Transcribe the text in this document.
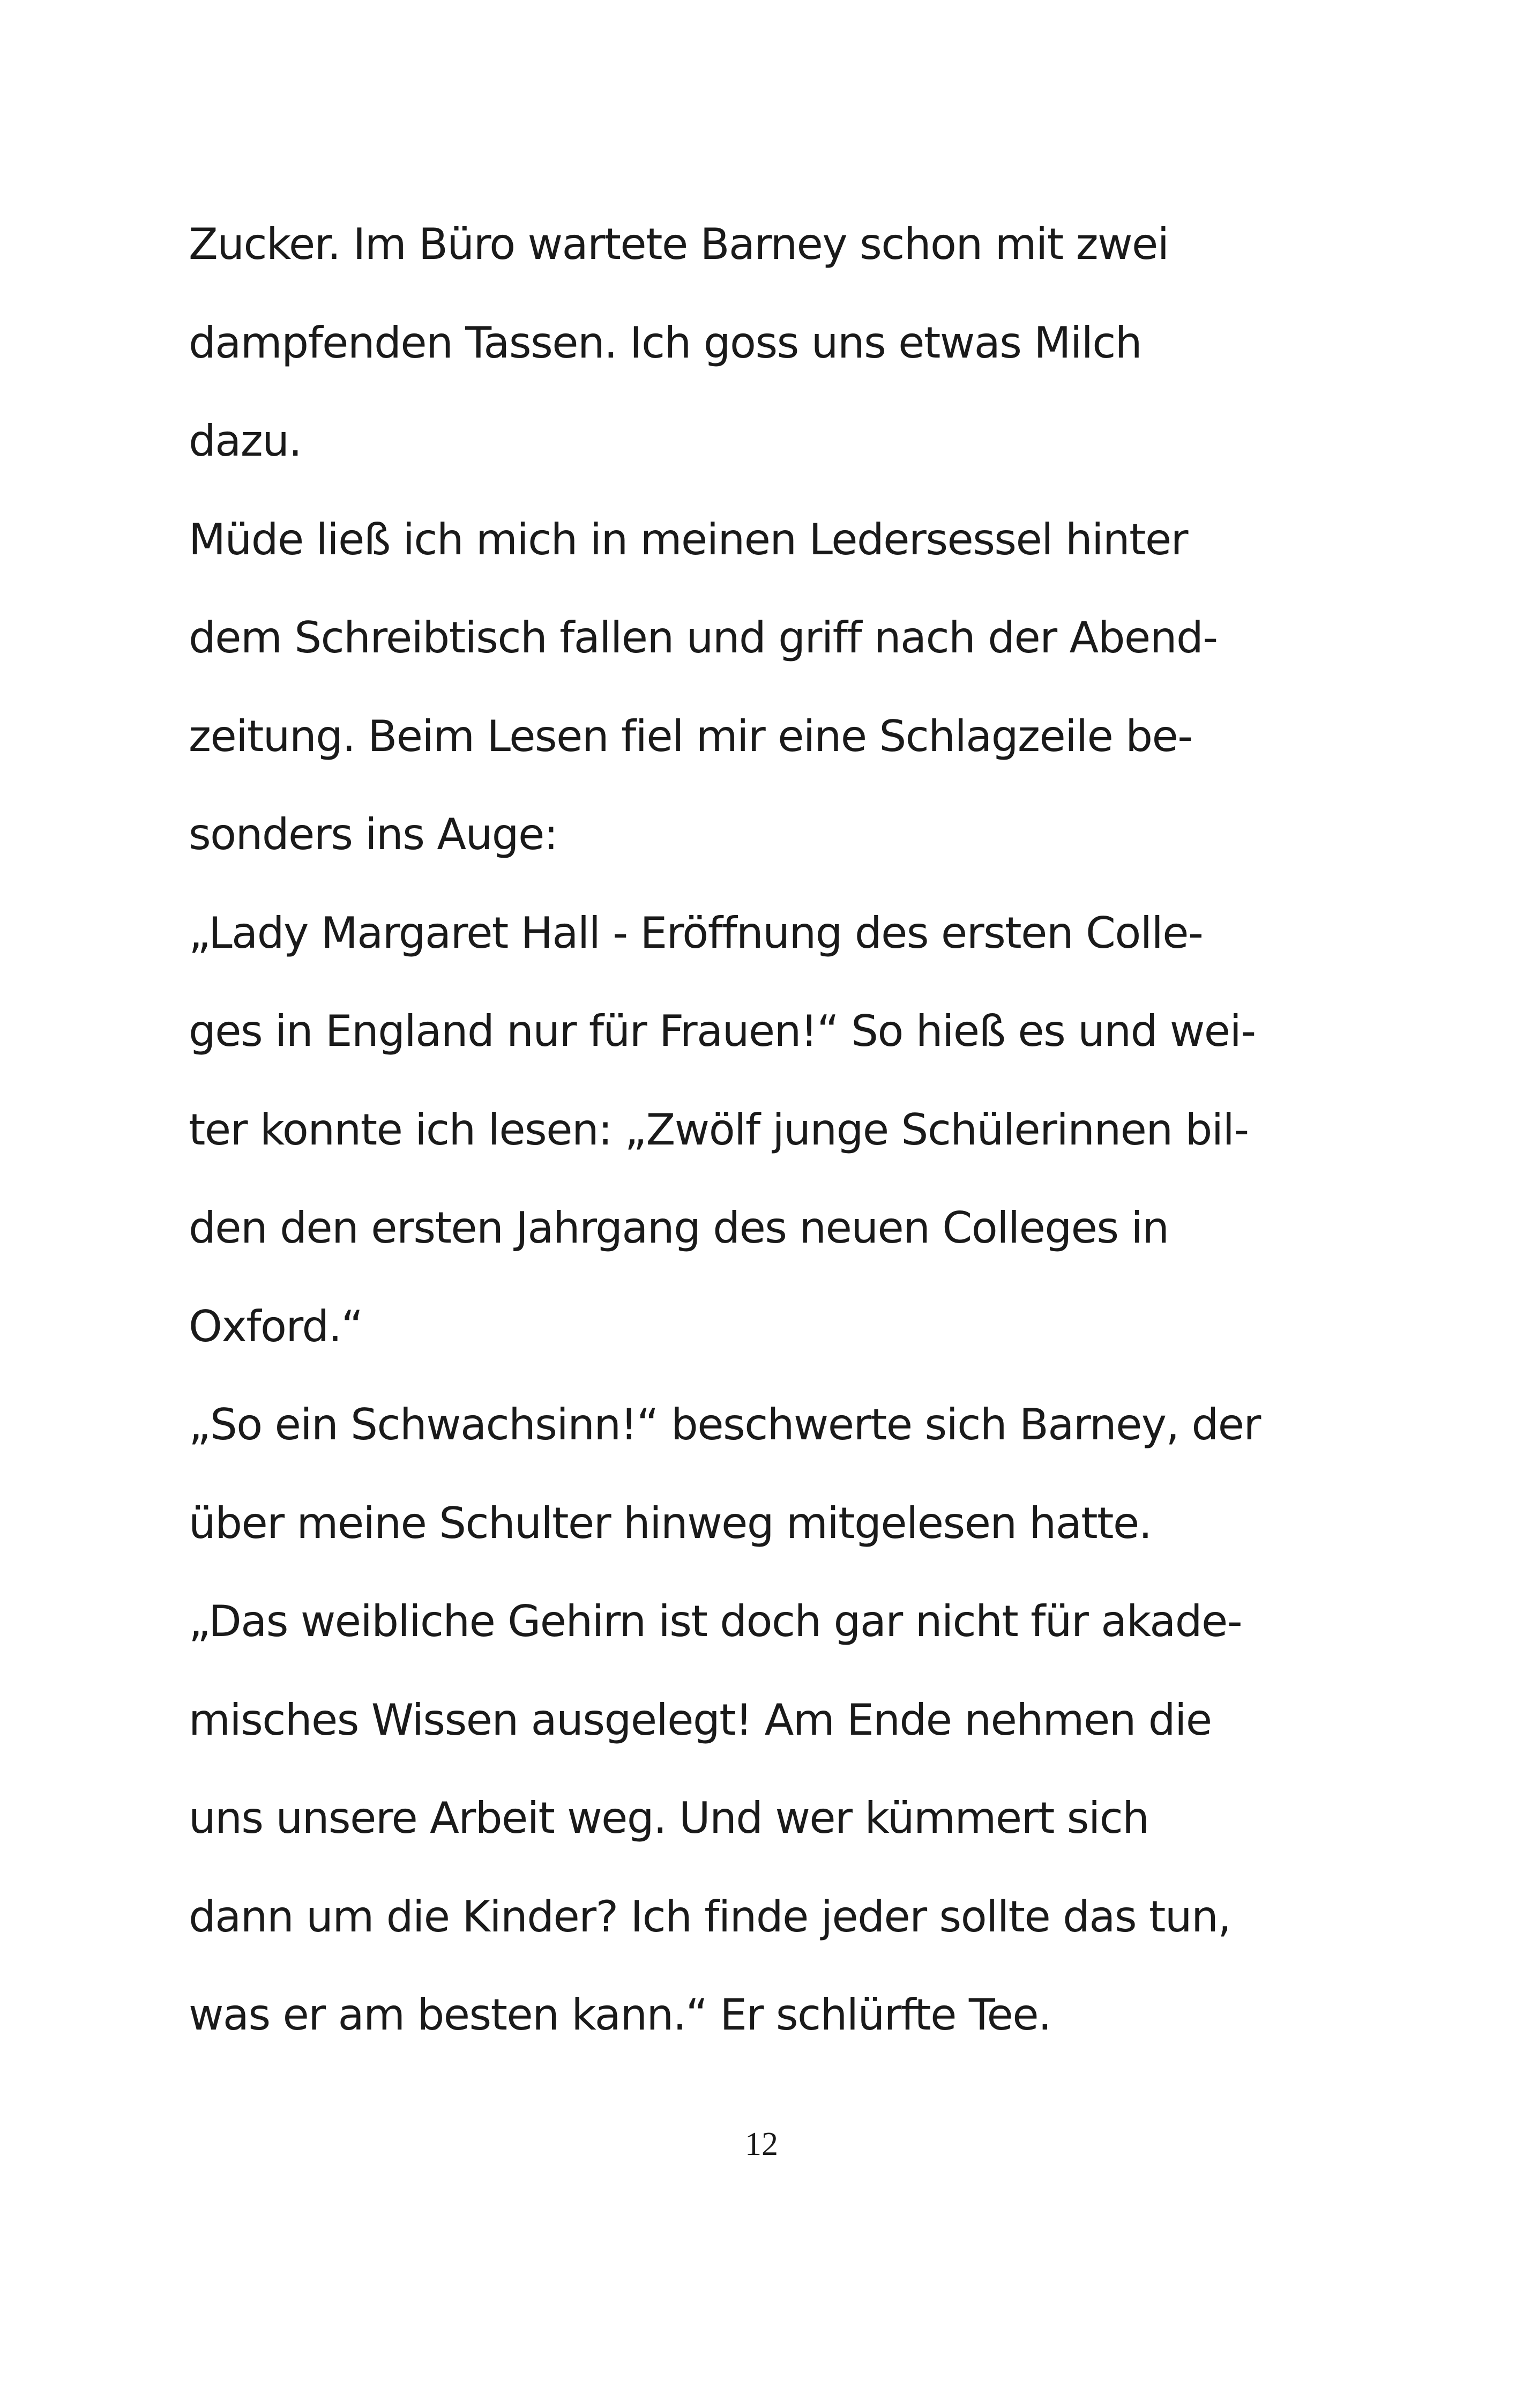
Zucker. Im Büro wartete Barney schon mit zwei
dampfenden Tassen. Ich goss uns etwas Milch
dazu.
Müde ließ ich mich in meinen Ledersessel hinter
dem Schreibtisch fallen und griff nach der Abend-
zeitung. Beim Lesen fiel mir eine Schlagzeile be-
sonders ins Auge:
„Lady Margaret Hall - Eröffnung des ersten Colle-
ges in England nur für Frauen!“ So hieß es und wei-
ter konnte ich lesen: „Zwölf junge Schülerinnen bil-
den den ersten Jahrgang des neuen Colleges in
Oxford.“
„So ein Schwachsinn!“ beschwerte sich Barney, der
über meine Schulter hinweg mitgelesen hatte.
„Das weibliche Gehirn ist doch gar nicht für akade-
misches Wissen ausgelegt! Am Ende nehmen die
uns unsere Arbeit weg. Und wer kümmert sich
dann um die Kinder? Ich finde jeder sollte das tun,
was er am besten kann.“ Er schlürfte Tee.
12
